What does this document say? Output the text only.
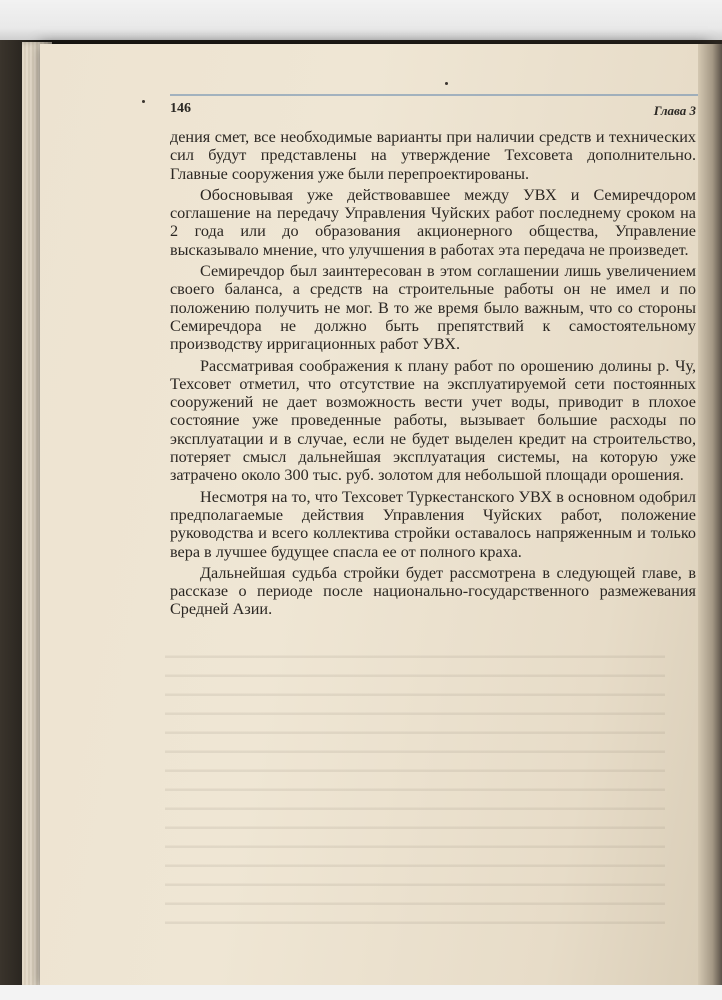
146	Глава 3

дения смет, все необходимые варианты при наличии средств и технических сил будут представлены на утверждение Техсовета дополнительно. Главные сооружения уже были перепроектированы.

Обосновывая уже действовавшее между УВХ и Семиречдором соглашение на передачу Управления Чуйских работ последнему сроком на 2 года или до образования акционерного общества, Управление высказывало мнение, что улучшения в работах эта передача не произведет.

Семиречдор был заинтересован в этом соглашении лишь увеличением своего баланса, а средств на строительные работы он не имел и по положению получить не мог. В то же время было важным, что со стороны Семиречдора не должно быть препятствий к самостоятельному производству ирригационных работ УВХ.

Рассматривая соображения к плану работ по орошению долины р. Чу, Техсовет отметил, что отсутствие на эксплуатируемой сети постоянных сооружений не дает возможность вести учет воды, приводит в плохое состояние уже проведенные работы, вызывает большие расходы по эксплуатации и в случае, если не будет выделен кредит на строительство, потеряет смысл дальнейшая эксплуатация системы, на которую уже затрачено около 300 тыс. руб. золотом для небольшой площади орошения.

Несмотря на то, что Техсовет Туркестанского УВХ в основном одобрил предполагаемые действия Управления Чуйских работ, положение руководства и всего коллектива стройки оставалось напряженным и только вера в лучшее будущее спасла ее от полного краха.

Дальнейшая судьба стройки будет рассмотрена в следующей главе, в рассказе о периоде после национально-государственного размежевания Средней Азии.
